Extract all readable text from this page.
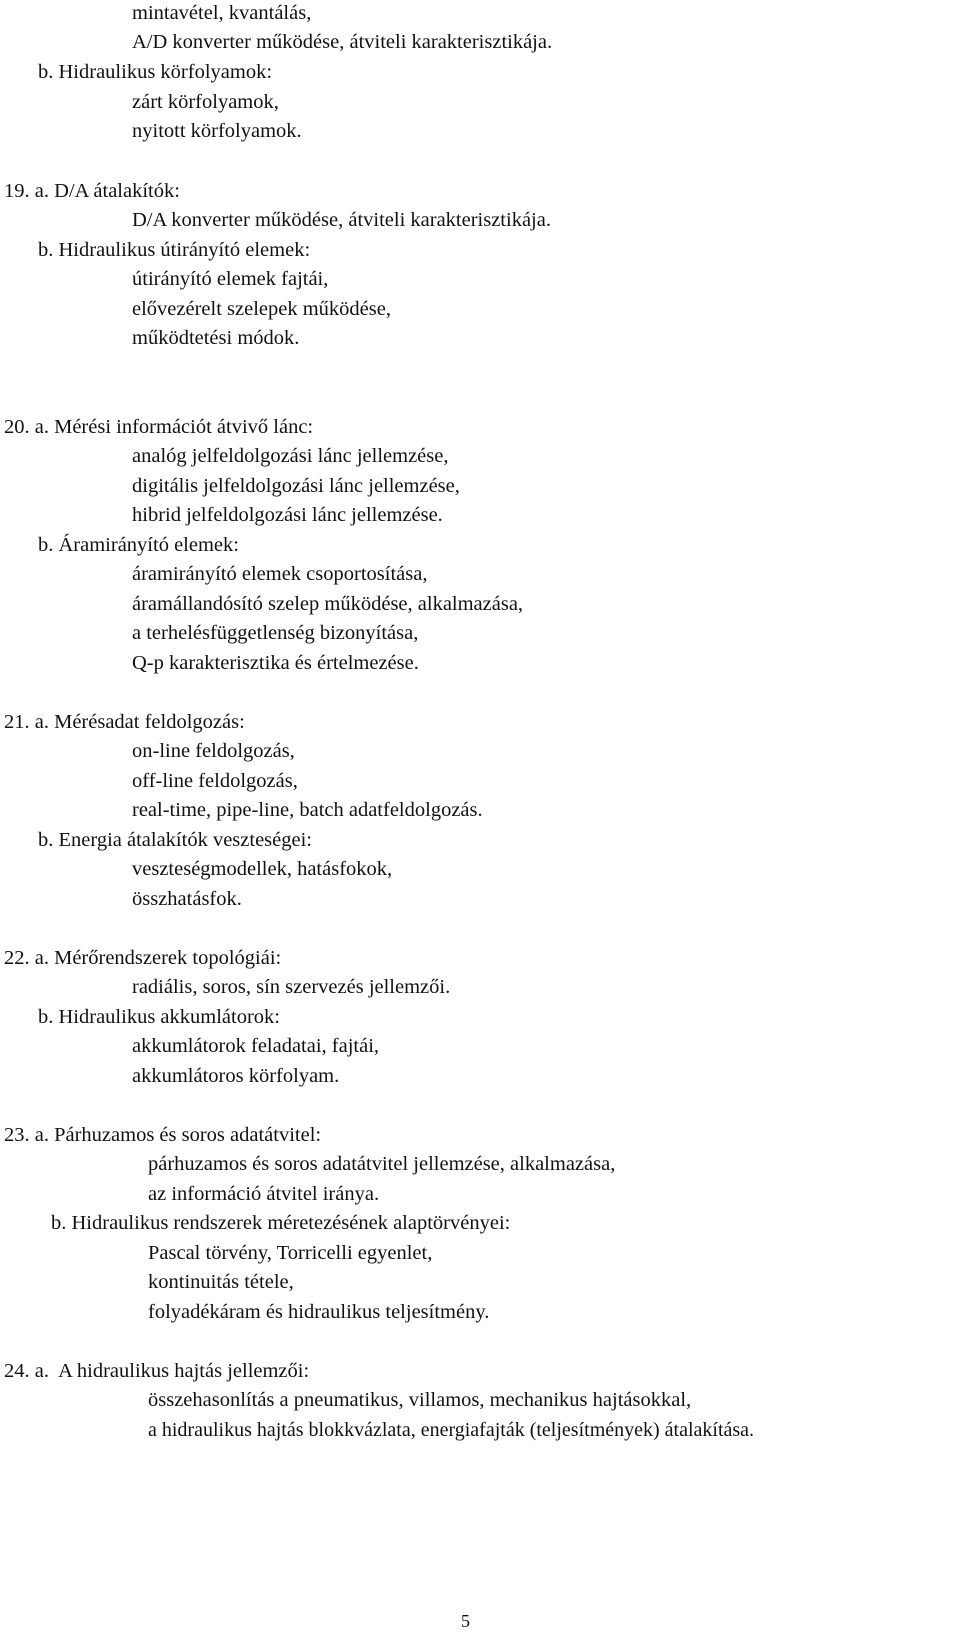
mintavétel, kvantálás,

A/D konverter működése, átviteli karakterisztikája.

b. Hidraulikus körfolyamok:

zárt körfolyamok,

nyitott körfolyamok.

19. a. D/A átalakítók:

D/A konverter működése, átviteli karakterisztikája.

b. Hidraulikus útirányító elemek:

útirányító elemek fajtái,

elővezérelt szelepek működése,

működtetési módok.

20. a. Mérési információt átvivő lánc:

analóg jelfeldolgozási lánc jellemzése,

digitális jelfeldolgozási lánc jellemzése,

hibrid jelfeldolgozási lánc jellemzése.

b. Áramirányító elemek:

áramirányító elemek csoportosítása,

áramállandósító szelep működése, alkalmazása,

a terhelésfüggetlenség bizonyítása,

Q-p karakterisztika és értelmezése.

21. a. Mérésadat feldolgozás:

on-line feldolgozás,

off-line feldolgozás,

real-time, pipe-line, batch adatfeldolgozás.

b. Energia átalakítók veszteségei:

veszteségmodellek, hatásfokok,

összhatásfok.

22. a. Mérőrendszerek topológiái:

radiális, soros, sín szervezés jellemzői.

b. Hidraulikus akkumlátorok:

akkumlátorok feladatai, fajtái,

akkumlátoros körfolyam.

23. a. Párhuzamos és soros adatátvitel:

párhuzamos és soros adatátvitel jellemzése, alkalmazása,

az információ átvitel iránya.

b. Hidraulikus rendszerek méretezésének alaptörvényei:

Pascal törvény, Torricelli egyenlet,

kontinuitás tétele,

folyadékáram és hidraulikus teljesítmény.

24. a.  A hidraulikus hajtás jellemzői:

összehasonlítás a pneumatikus, villamos, mechanikus hajtásokkal,

a hidraulikus hajtás blokkvázlata, energiafajták (teljesítmények) átalakítása.

5
